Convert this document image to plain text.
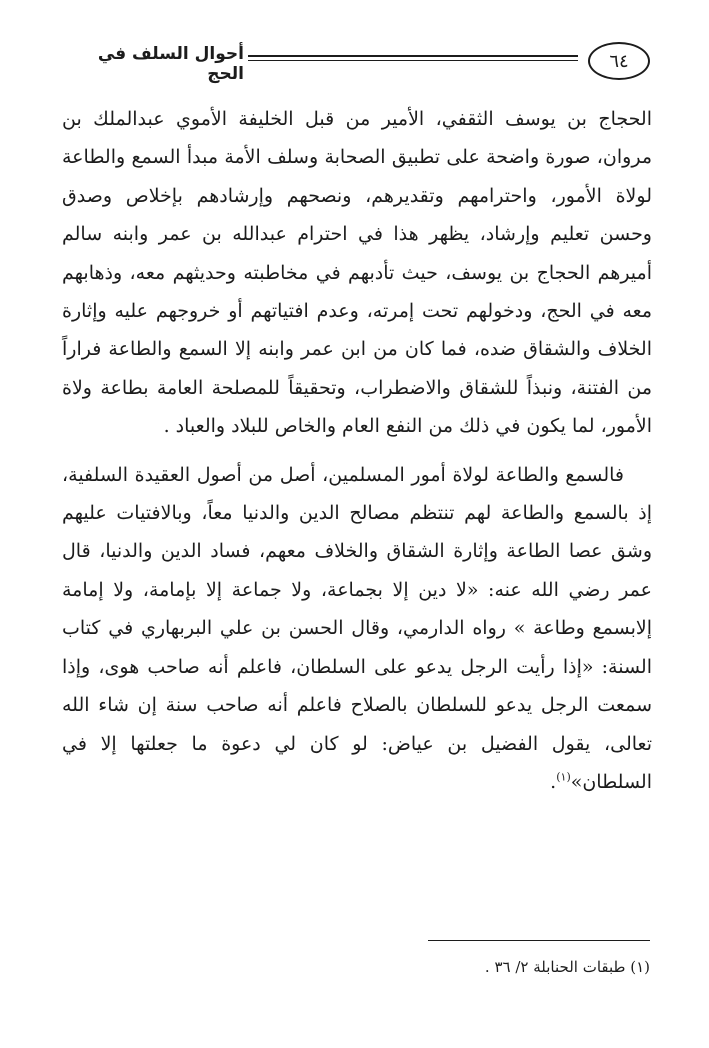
أحوال السلف في الحج
٦٤

الحجاج بن يوسف الثقفي، الأمير من قبل الخليفة الأموي عبدالملك بن مروان، صورة واضحة على تطبيق الصحابة وسلف الأمة مبدأ السمع والطاعة لولاة الأمور، واحترامهم وتقديرهم، ونصحهم وإرشادهم بإخلاص وصدق وحسن تعليم وإرشاد، يظهر هذا في احترام عبدالله بن عمر وابنه سالم أميرهم الحجاج بن يوسف، حيث تأدبهم في مخاطبته وحديثهم معه، وذهابهم معه في الحج، ودخولهم تحت إمرته، وعدم افتياتهم أو خروجهم عليه وإثارة الخلاف والشقاق ضده، فما كان من ابن عمر وابنه إلا السمع والطاعة فراراً من الفتنة، ونبذاً للشقاق والاضطراب، وتحقيقاً للمصلحة العامة بطاعة ولاة الأمور، لما يكون في ذلك من النفع العام والخاص للبلاد والعباد .

فالسمع والطاعة لولاة أمور المسلمين، أصل من أصول العقيدة السلفية، إذ بالسمع والطاعة لهم تنتظم مصالح الدين والدنيا معاً، وبالافتيات عليهم وشق عصا الطاعة وإثارة الشقاق والخلاف معهم، فساد الدين والدنيا، قال عمر رضي الله عنه: «لا دين إلا بجماعة، ولا جماعة إلا بإمامة، ولا إمامة إلابسمع وطاعة » رواه الدارمي، وقال الحسن بن علي البربهاري في كتاب السنة: «إذا رأيت الرجل يدعو على السلطان، فاعلم أنه صاحب هوى، وإذا سمعت الرجل يدعو للسلطان بالصلاح فاعلم أنه صاحب سنة إن شاء الله تعالى، يقول الفضيل بن عياض: لو كان لي دعوة ما جعلتها إلا في السلطان»$^{(١)}$.

(١) طبقات الحنابلة ٢/ ٣٦ .
